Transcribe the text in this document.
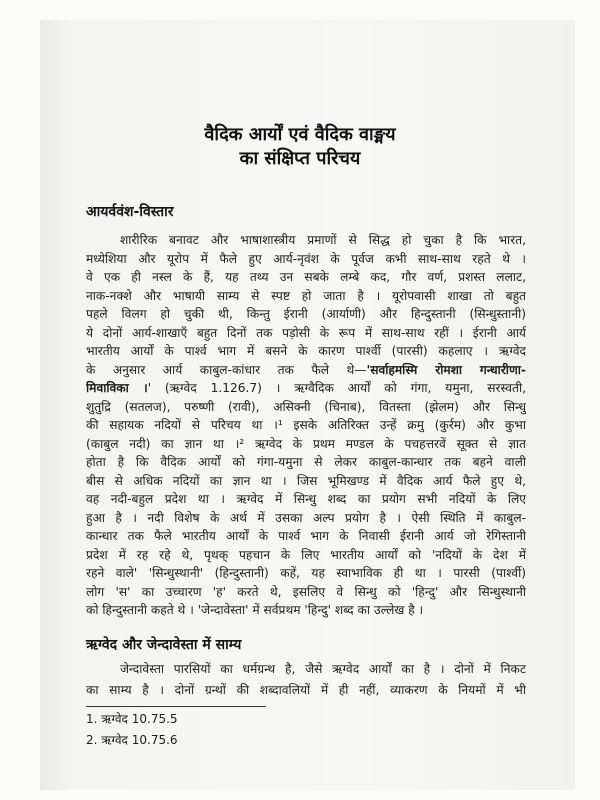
वैदिक आर्यों एवं वैदिक वाङ्मय
का संक्षिप्त परिचय
आयर्ववंश-विस्तार
शारीरिक बनावट और भाषाशास्त्रीय प्रमाणों से सिद्ध हो चुका है कि भारत,
मध्येशिया और यूरोप में फैले हुए आर्य-नृवंश के पूर्वज कभी साथ-साथ रहते थे ।
वे एक ही नस्ल के हैं, यह तथ्य उन सबके लम्बे कद, गौर वर्ण, प्रशस्त ललाट,
नाक-नक्शे और भाषायी साम्य से स्पष्ट हो जाता है । यूरोपवासी शाखा तो बहुत
पहले विलग हो चुकी थी, किन्तु ईरानी (आर्याणी) और हिन्दुस्तानी (सिन्धुस्तानी)
ये दोनों आर्य-शाखाएँ बहुत दिनों तक पड़ोसी के रूप में साथ-साथ रहीं । ईरानी आर्य
भारतीय आर्यों के पार्श्व भाग में बसने के कारण पार्श्वी (पारसी) कहलाए । ऋग्वेद
के अनुसार आर्य काबुल-कांधार तक फैले थे—'सर्वाहमस्मि रोमशा गन्धारीणा-
मिवाविका ।' (ऋग्वेद 1.126.7) । ऋग्वैदिक आर्यों को गंगा, यमुना, सरस्वती,
शुतुद्रि (सतलज), परुष्णी (रावी), असिक्नी (चिनाब), वितस्ता (झेलम) और सिन्धु
की सहायक नदियों से परिचय था ।¹ इसके अतिरिक्त उन्हें क्रमु (कुर्रम) और कुभा
(काबुल नदी) का ज्ञान था ।² ऋग्वेद के प्रथम मण्डल के पचहत्तरवें सूक्त से ज्ञात
होता है कि वैदिक आर्यों को गंगा-यमुना से लेकर काबुल-कान्धार तक बहने वाली
बीस से अधिक नदियों का ज्ञान था । जिस भूमिखण्ड में वैदिक आर्य फैले हुए थे,
वह नदी-बहुल प्रदेश था । ऋग्वेद में सिन्धु शब्द का प्रयोग सभी नदियों के लिए
हुआ है । नदी विशेष के अर्थ में उसका अल्प प्रयोग है । ऐसी स्थिति में काबुल-
कान्धार तक फैले भारतीय आर्यों के पार्श्व भाग के निवासी ईरानी आर्य जो रेगिस्तानी
प्रदेश में रह रहे थे, पृथक् पहचान के लिए भारतीय आर्यों को 'नदियों के देश में
रहने वाले' 'सिन्धुस्थानी' (हिन्दुस्तानी) कहें, यह स्वाभाविक ही था । पारसी (पार्श्वी)
लोग 'स' का उच्चारण 'ह' करते थे, इसलिए वे सिन्धु को 'हिन्दु' और सिन्धुस्थानी
को हिन्दुस्तानी कहते थे । 'जेन्दावेस्ता' में सर्वप्रथम 'हिन्दु' शब्द का उल्लेख है ।
ऋग्वेद और जेन्दावेस्ता में साम्य
जेन्दावेस्ता पारसियों का धर्मग्रन्थ है, जैसे ऋग्वेद आर्यों का है । दोनों में निकट
का साम्य है । दोनों ग्रन्थों की शब्दावलियों में ही नहीं, व्याकरण के नियमों में भी
1. ऋग्वेद 10.75.5
2. ऋग्वेद 10.75.6
